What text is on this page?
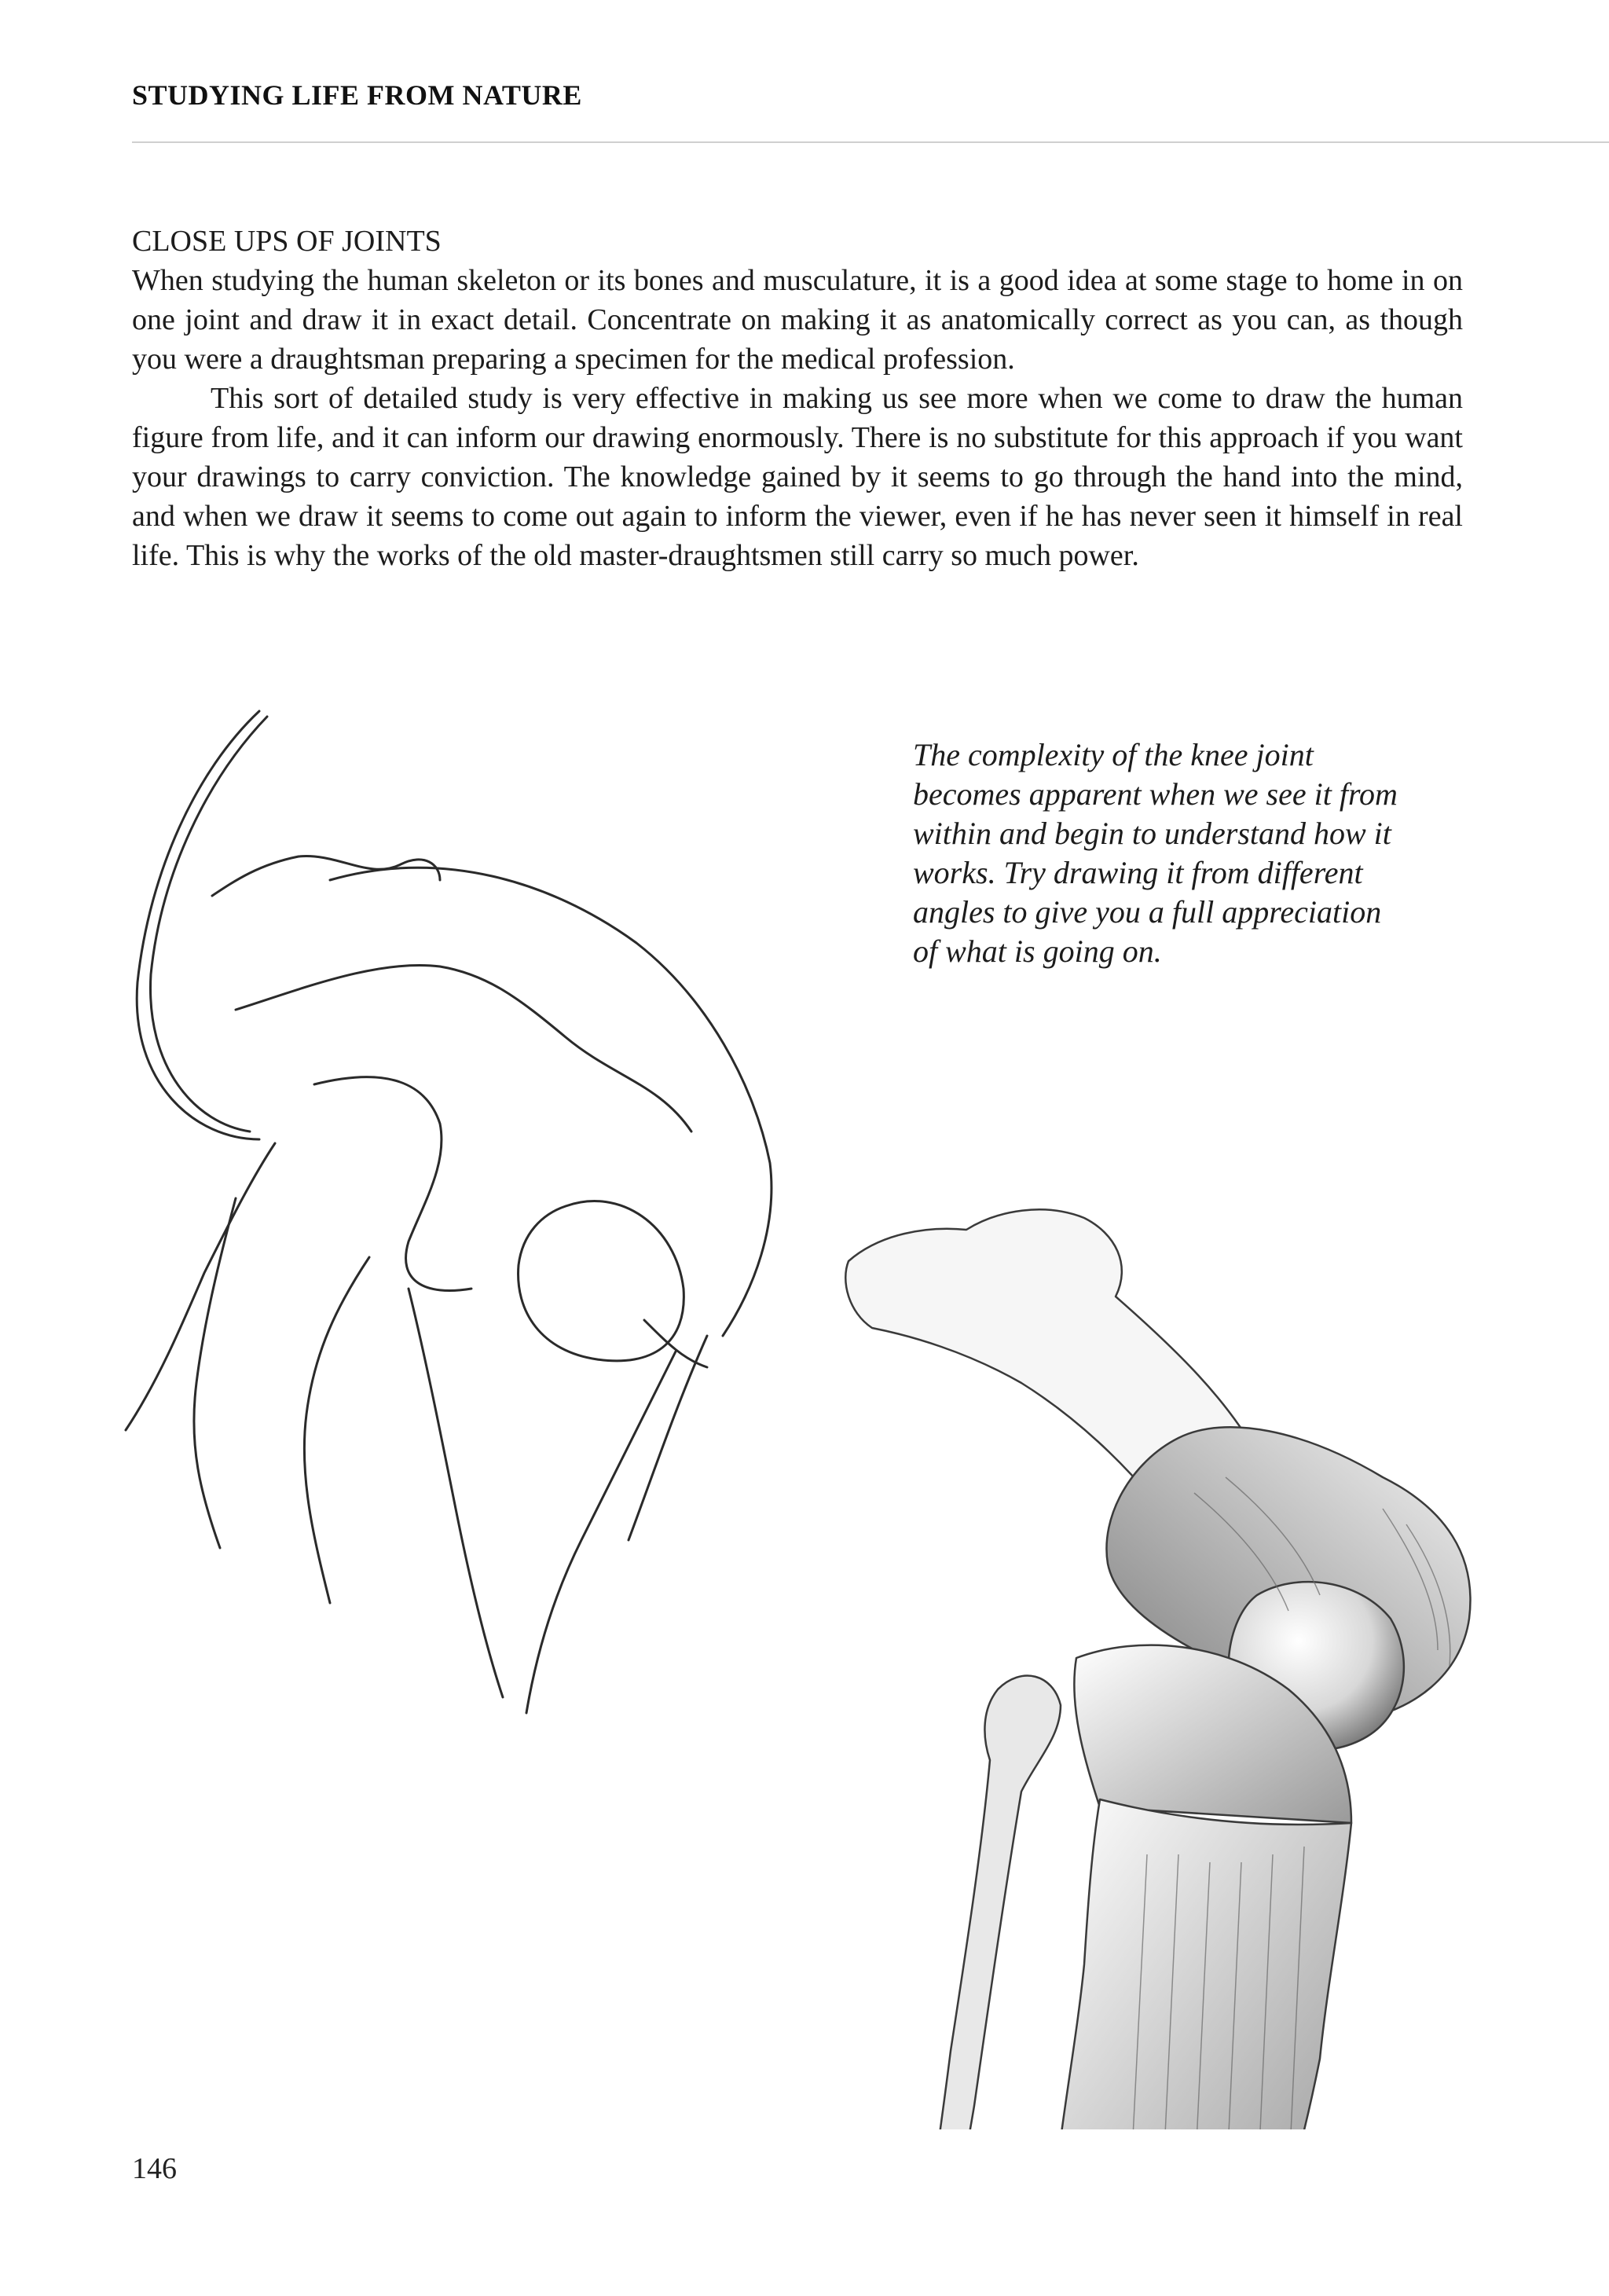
STUDYING LIFE FROM NATURE

CLOSE UPS OF JOINTS

When studying the human skeleton or its bones and musculature, it is a good idea at some stage to home in on one joint and draw it in exact detail. Concentrate on making it as anatomically correct as you can, as though you were a draughtsman preparing a specimen for the medical profession.

This sort of detailed study is very effective in making us see more when we come to draw the human figure from life, and it can inform our drawing enormously. There is no substitute for this approach if you want your drawings to carry conviction. The knowledge gained by it seems to go through the hand into the mind, and when we draw it seems to come out again to inform the viewer, even if he has never seen it himself in real life. This is why the works of the old master-draughtsmen still carry so much power.

The complexity of the knee joint becomes apparent when we see it from within and begin to understand how it works. Try drawing it from different angles to give you a full appreciation of what is going on.
146
